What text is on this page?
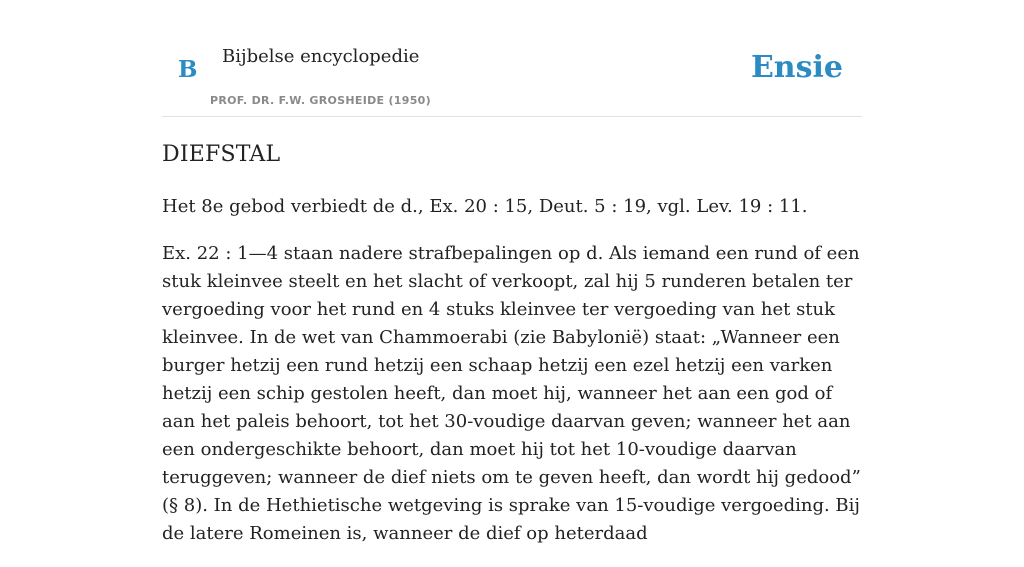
B Bijbelse encyclopedie
PROF. DR. F.W. GROSHEIDE (1950)
Ensie
DIEFSTAL

Het 8e gebod verbiedt de d., Ex. 20 : 15, Deut. 5 : 19, vgl. Lev. 19 : 11.

Ex. 22 : 1—4 staan nadere strafbepalingen op d. Als iemand een rund of een stuk kleinvee steelt en het slacht of verkoopt, zal hij 5 runderen betalen ter vergoeding voor het rund en 4 stuks kleinvee ter vergoeding van het stuk kleinvee. In de wet van Chammoerabi (zie Babylonië) staat: „Wanneer een burger hetzij een rund hetzij een schaap hetzij een ezel hetzij een varken hetzij een schip gestolen heeft, dan moet hij, wanneer het aan een god of aan het paleis behoort, tot het 30-voudige daarvan geven; wanneer het aan een ondergeschikte behoort, dan moet hij tot het 10-voudige daarvan teruggeven; wanneer de dief niets om te geven heeft, dan wordt hij gedood” (§ 8). In de Hethietische wetgeving is sprake van 15-voudige vergoeding. Bij de latere Romeinen is, wanneer de dief op heterdaad
